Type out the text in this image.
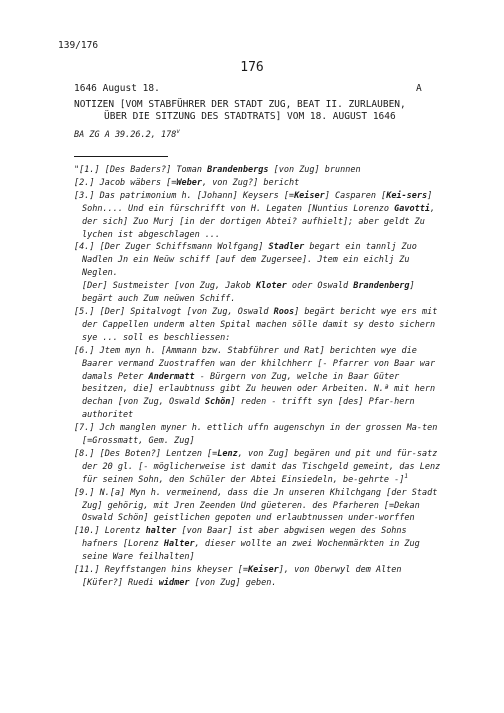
139/176
176
1646 August 18.	A
NOTIZEN [VOM STABFÜHRER DER STADT ZUG, BEAT II. ZURLAUBEN,
ÜBER DIE SITZUNG DES STADTRATS] VOM 18. AUGUST 1646
BA ZG A 39.26.2, 178$^v$
"[1.] [Des Baders?] Toman Brandenbergs [von Zug] brunnen
[2.] Jacob wäbers [=Weber, von Zug?] bericht
[3.] Das patrimonium h. [Johann] Keysers [=Keiser] Casparen [Kei-sers] Sohn.... Und ein fürschrifft von H. Legaten [Nuntius Lorenzo Gavotti, der sich] Zuo Murj [in der dortigen Abtei? aufhielt]; aber geldt Zu lychen ist abgeschlagen ...
[4.] [Der Zuger Schiffsmann Wolfgang] Stadler begart ein tannlj Zuo Nadlen Jn ein Neüw schiff [auf dem Zugersee]. Jtem ein eichlj Zu Neglen.
[Der] Sustmeister [von Zug, Jakob Kloter oder Oswald Brandenberg] begärt auch Zum neüwen Schiff.
[5.] [Der] Spitalvogt [von Zug, Oswald Roos] begärt bericht wye ers mit der Cappellen underm alten Spital machen sölle damit sy desto sichern sye ... soll es beschliessen:
[6.] Jtem myn h. [Ammann bzw. Stabführer und Rat] berichten wye die Baarer vermand Zuostraffen wan der khilchherr [- Pfarrer von Baar war damals Peter Andermatt - Bürgern von Zug, welche in Baar Güter besitzen, die] erlaubtnuss gibt Zu heuwen oder Arbeiten. N.ª mit hern dechan [von Zug, Oswald Schön] reden - trifft syn [des] Pfar-hern authoritet
[7.] Jch manglen myner h. ettlich uffn augenschyn in der grossen Ma-ten [=Grossmatt, Gem. Zug]
[8.] [Des Boten?] Lentzen [=Lenz, von Zug] begären und pit und für-satz der 20 gl. [- möglicherweise ist damit das Tischgeld gemeint, das Lenz für seinen Sohn, den Schüler der Abtei Einsiedeln, be-gehrte -]$^1$
[9.] N.[a] Myn h. vermeinend, dass die Jn unseren Khilchgang [der Stadt Zug] gehörig, mit Jren Zeenden Und güeteren. des Pfarheren [=Dekan Oswald Schön] geistlichen gepoten und erlaubtnussen under-worffen
[10.] Lorentz halter [von Baar] ist aber abgwisen wegen des Sohns hafners [Lorenz Halter, dieser wollte an zwei Wochenmärkten in Zug seine Ware feilhalten]
[11.] Reyffstangen hins kheyser [=Keiser], von Oberwyl dem Alten [Küfer?] Ruedi widmer [von Zug] geben.
